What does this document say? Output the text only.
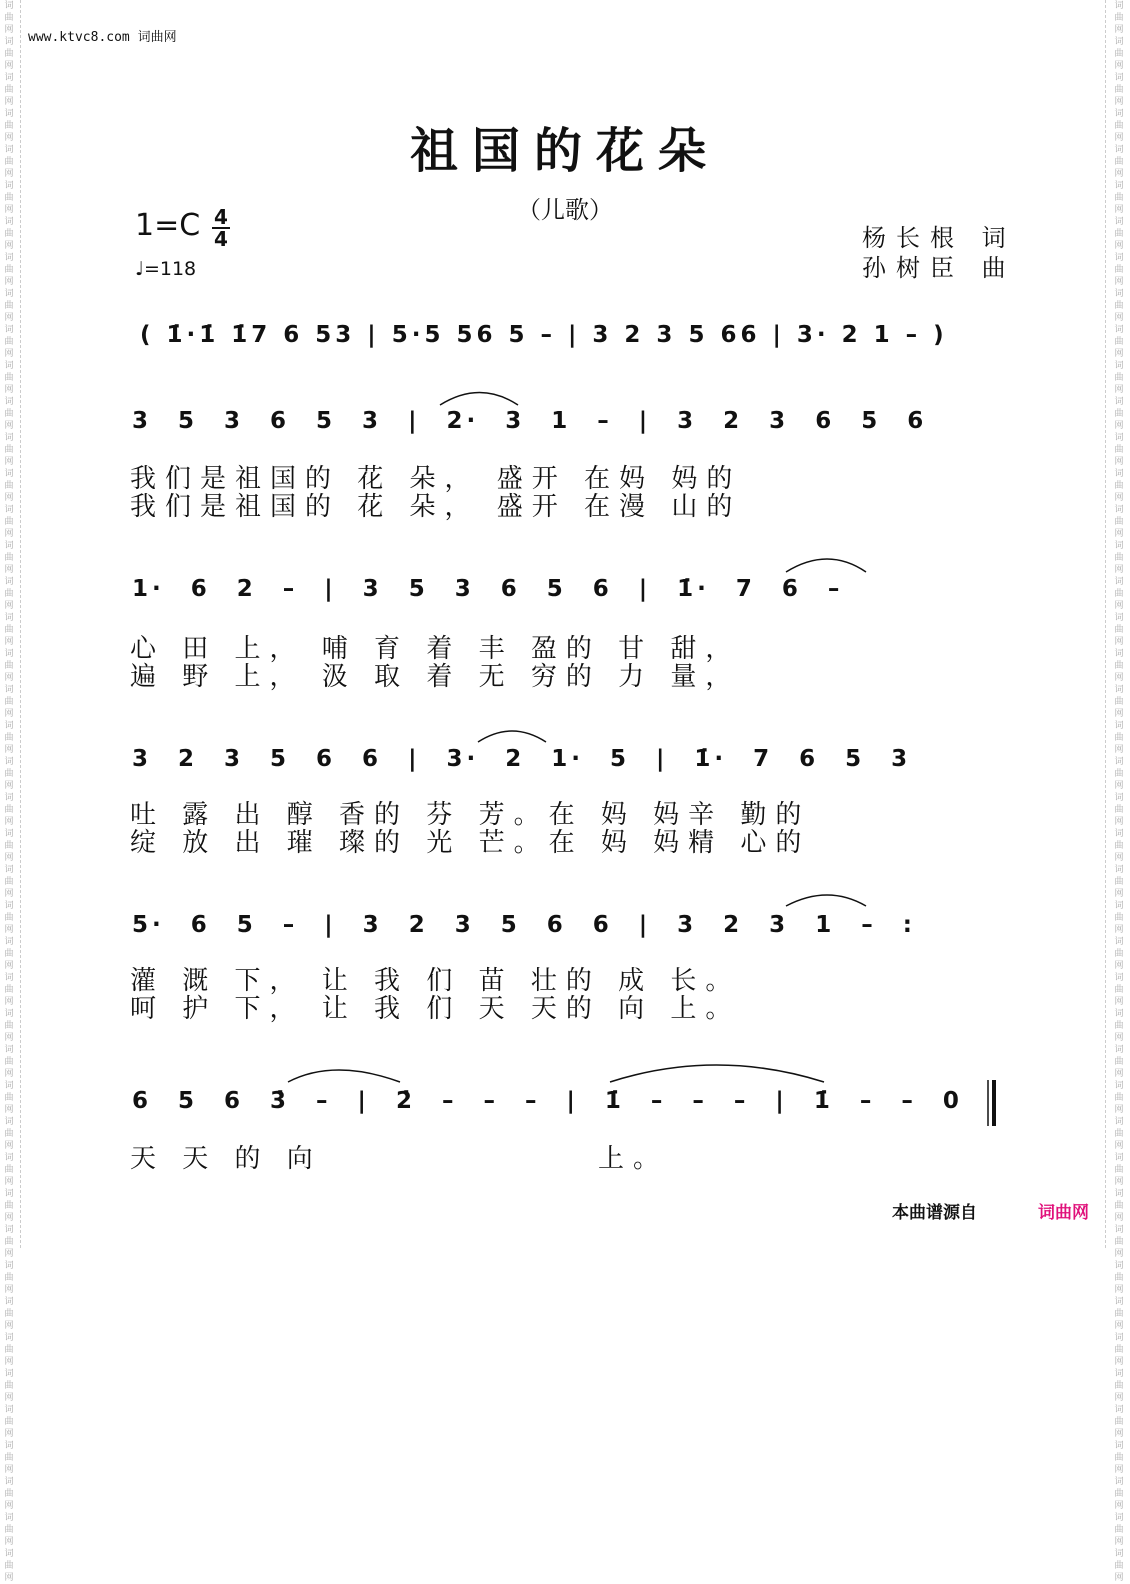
词曲网词曲网词曲网词曲网词曲网词曲网词曲网词曲网词曲网词曲网词曲网词曲网词曲网词曲网词曲网词曲网词曲网词曲网词曲网词曲网词曲网词曲网词曲网词曲网词曲网词曲网词曲网词曲网词曲网词曲网词曲网词曲网词曲网词曲网词曲网词曲网词曲网词曲网词曲网词曲网词曲网词曲网词曲网词曲网
词曲网词曲网词曲网词曲网词曲网词曲网词曲网词曲网词曲网词曲网词曲网词曲网词曲网词曲网词曲网词曲网词曲网词曲网词曲网词曲网词曲网词曲网词曲网词曲网词曲网词曲网词曲网词曲网词曲网词曲网词曲网词曲网词曲网词曲网词曲网词曲网词曲网词曲网词曲网词曲网词曲网词曲网词曲网词曲网
www.ktvc8.com 词曲网
祖国的花朵
（儿歌）
1=C 4
4
♩=118
杨长根 词
孙树臣 曲
( 1̇·1̇ 1̇7 6 53 | 5·5 56 5 – | 3 2 3 5 66 | 3· 2 1 – )
3 5 3 6 5 3 | 2· 3 1 – | 3 2 3 6 5 6
我们是祖国的 花 朵， 盛开 在妈 妈的
我们是祖国的 花 朵， 盛开 在漫 山的
1· 6 2 – | 3 5 3 6 5 6 | 1̇· 7 6 –
心 田 上， 哺 育 着 丰 盈的 甘 甜，
遍 野 上， 汲 取 着 无 穷的 力 量，
3 2 3 5 6 6 | 3· 2 1· 5 | 1̇· 7 6 5 3
吐 露 出 醇 香的 芬 芳。在 妈 妈辛 勤的
绽 放 出 璀 璨的 光 芒。在 妈 妈精 心的
5· 6 5 – | 3 2 3 5 6 6 | 3 2 3 1 – :
灌 溉 下， 让 我 们 苗 壮的 成 长。
呵 护 下， 让 我 们 天 天的 向 上。
6 5 6 3̇ – | 2̇ – – – | 1̇ – – – | 1̇ – – 0
天 天 的 向	上。
本曲谱源自	词曲网
